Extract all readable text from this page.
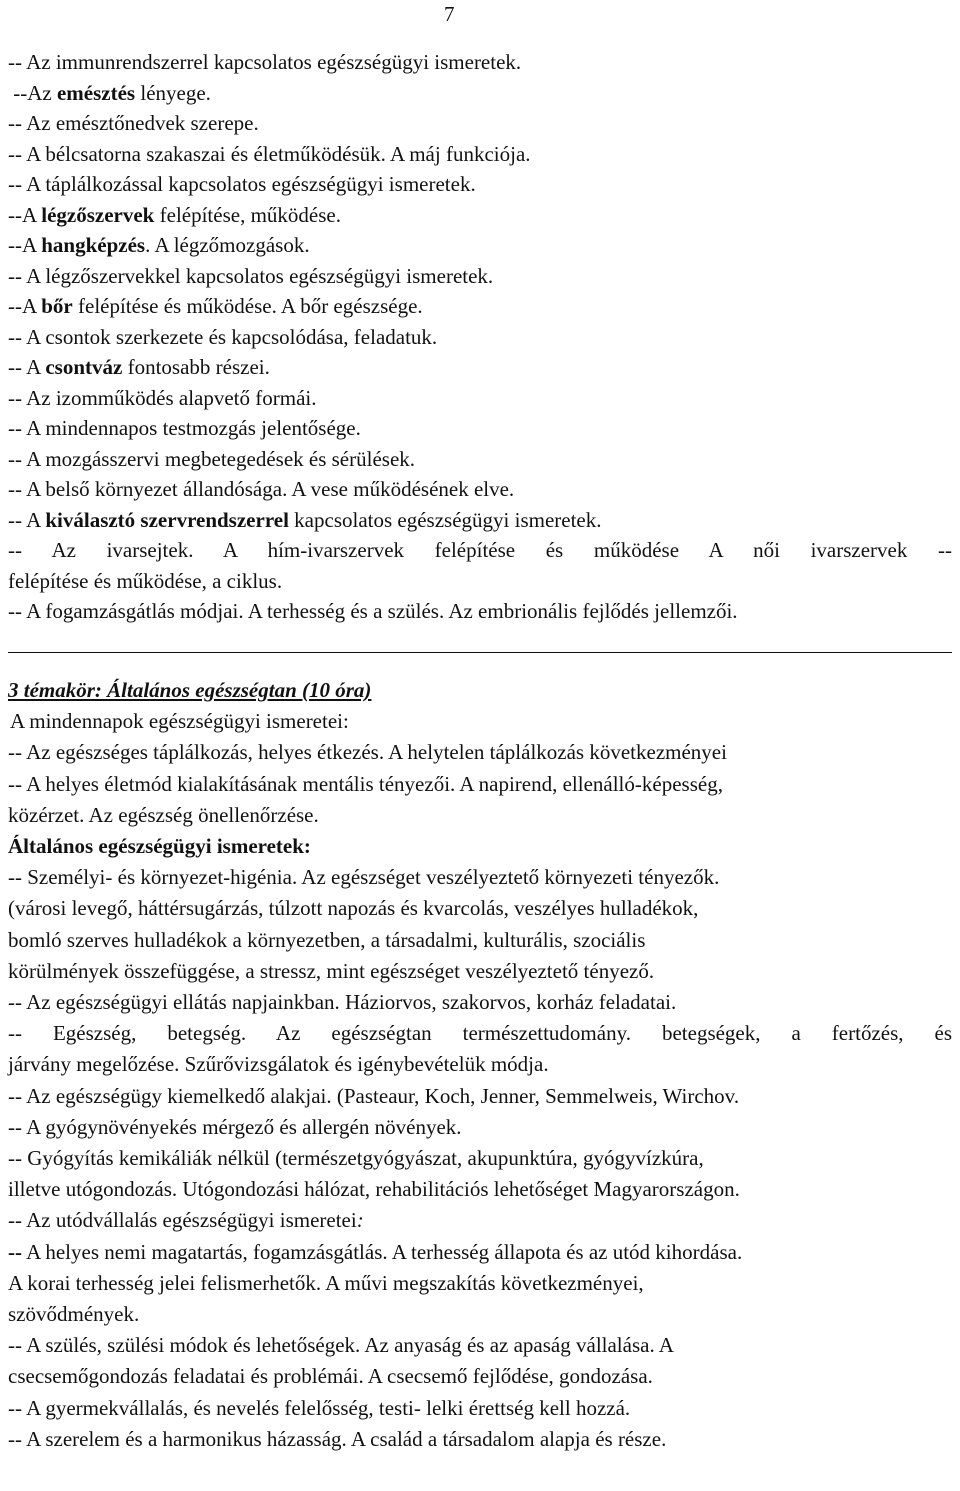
7
-- Az immunrendszerrel kapcsolatos egészségügyi ismeretek.
--Az emésztés lényege.
-- Az emésztőnedvek szerepe.
-- A bélcsatorna szakaszai és életműködésük. A máj funkciója.
-- A táplálkozással kapcsolatos egészségügyi ismeretek.
--A légzőszervek felépítése, működése.
--A hangképzés. A légzőmozgások.
-- A légzőszervekkel kapcsolatos egészségügyi ismeretek.
--A bőr felépítése és működése. A bőr egészsége.
-- A csontok szerkezete és kapcsolódása, feladatuk.
-- A csontváz fontosabb részei.
-- Az izomműködés alapvető formái.
-- A mindennapos testmozgás jelentősége.
-- A mozgásszervi megbetegedések és sérülések.
-- A belső környezet állandósága. A vese működésének elve.
-- A kiválasztó szervrendszerrel kapcsolatos egészségügyi ismeretek.
-- Az ivarsejtek. A hím-ivarszervek felépítése és működése A női ivarszervek --
felépítése és működése, a ciklus.
-- A fogamzásgátlás módjai. A terhesség és a szülés. Az embrionális fejlődés jellemzői.
3 témakör: Általános egészségtan (10 óra)
A mindennapok egészségügyi ismeretei:
-- Az egészséges táplálkozás, helyes étkezés. A helytelen táplálkozás következményei
-- A helyes életmód kialakításának mentális tényezői. A napirend, ellenálló-képesség,
közérzet. Az egészség önellenőrzése.
Általános egészségügyi ismeretek:
-- Személyi- és környezet-higénia. Az egészséget veszélyeztető környezeti tényezők.
(városi levegő, háttérsugárzás, túlzott napozás és kvarcolás, veszélyes hulladékok,
bomló szerves hulladékok a környezetben, a társadalmi, kulturális, szociális
körülmények összefüggése, a stressz, mint egészséget veszélyeztető tényező.
-- Az egészségügyi ellátás napjainkban. Háziorvos, szakorvos, korház feladatai.
-- Egészség, betegség. Az egészségtan természettudomány. betegségek, a fertőzés, és
járvány megelőzése. Szűrővizsgálatok és igénybevételük módja.
-- Az egészségügy kiemelkedő alakjai. (Pasteaur, Koch, Jenner, Semmelweis, Wirchov.
-- A gyógynövényekés mérgező és allergén növények.
-- Gyógyítás kemikáliák nélkül (természetgyógyászat, akupunktúra, gyógyvízkúra,
illetve utógondozás. Utógondozási hálózat, rehabilitációs lehetőséget Magyarországon.
-- Az utódvállalás egészségügyi ismeretei:
-- A helyes nemi magatartás, fogamzásgátlás. A terhesség állapota és az utód kihordása.
A korai terhesség jelei felismerhetők. A művi megszakítás következményei,
szövődmények.
-- A szülés, szülési módok és lehetőségek. Az anyaság és az apaság vállalása. A
csecsemőgondozás feladatai és problémái. A csecsemő fejlődése, gondozása.
-- A gyermekvállalás, és nevelés felelősség, testi- lelki érettség kell hozzá.
-- A szerelem és a harmonikus házasság. A család a társadalom alapja és része.
